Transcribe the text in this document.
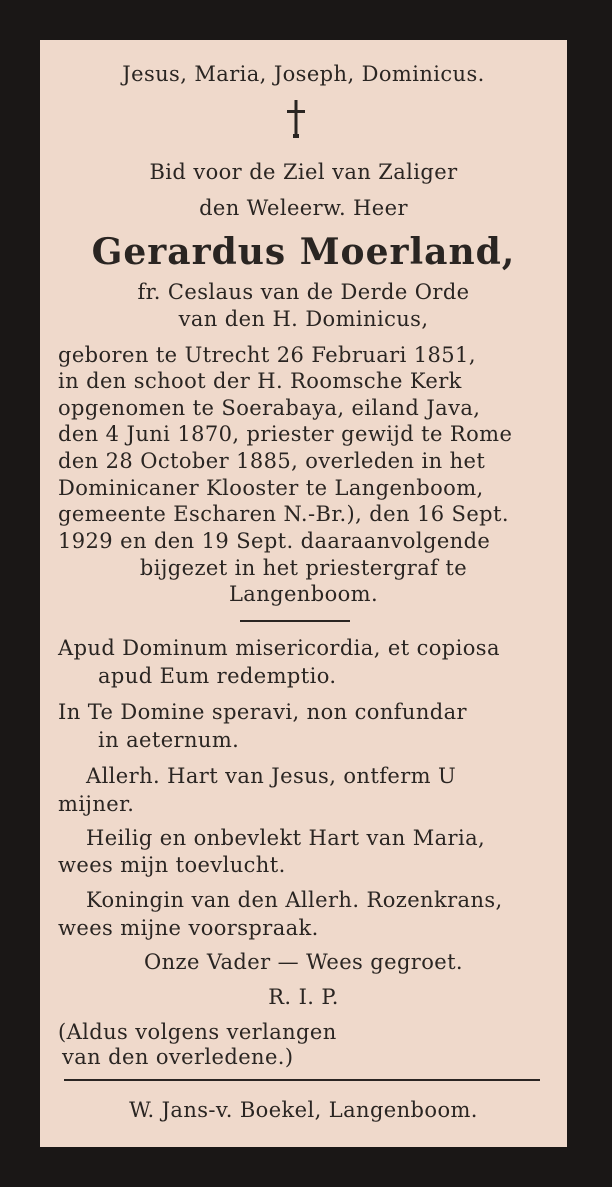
Jesus, Maria, Joseph, Dominicus.
Bid voor de Ziel van Zaliger
den Weleerw. Heer
Gerardus Moerland,
fr. Ceslaus van de Derde Orde
van den H. Dominicus,
geboren te Utrecht 26 Februari 1851,
in den schoot der H. Roomsche Kerk
opgenomen te Soerabaya, eiland Java,
den 4 Juni 1870, priester gewijd te Rome
den 28 October 1885, overleden in het
Dominicaner Klooster te Langenboom,
gemeente Escharen N.-Br.), den 16 Sept.
1929 en den 19 Sept. daaraanvolgende
bijgezet in het priestergraf te
Langenboom.
Apud Dominum misericordia, et copiosa
apud Eum redemptio.
In Te Domine speravi, non confundar
in aeternum.
Allerh. Hart van Jesus, ontferm U
mijner.
Heilig en onbevlekt Hart van Maria,
wees mijn toevlucht.
Koningin van den Allerh. Rozenkrans,
wees mijne voorspraak.
Onze Vader — Wees gegroet.
R. I. P.
(Aldus volgens verlangen
van den overledene.)
W. Jans-v. Boekel, Langenboom.
